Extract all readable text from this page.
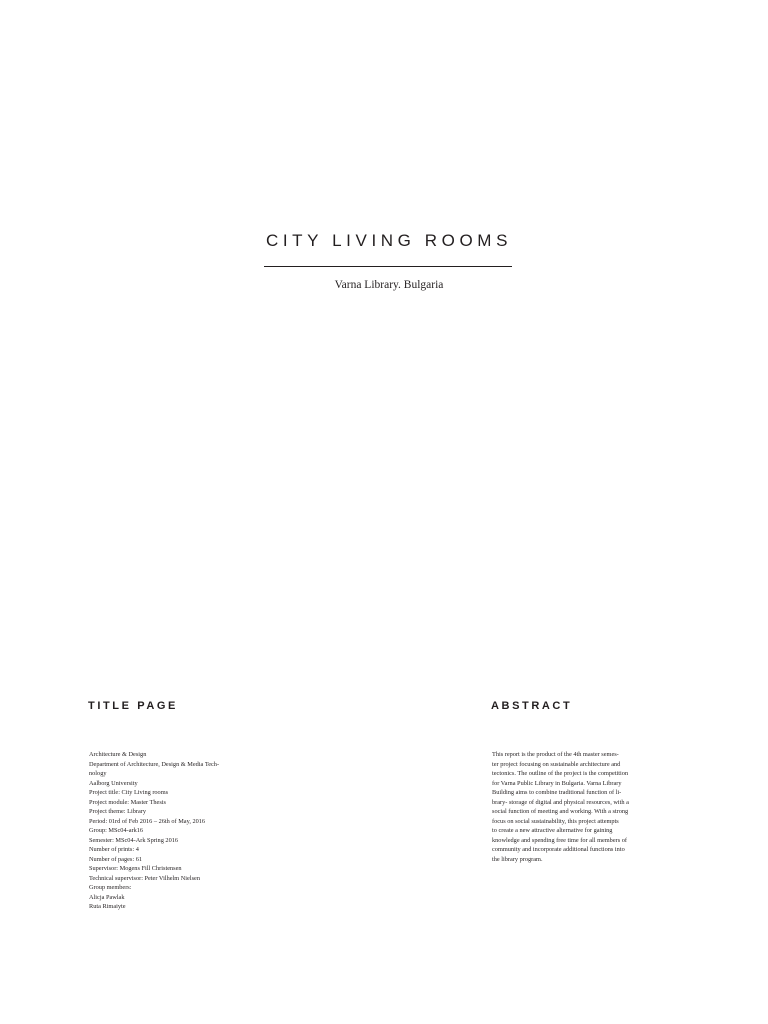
CITY LIVING ROOMS
Varna Library. Bulgaria
TITLE PAGE
Architecture & Design
Department of Architecture, Design & Media Tech-
nology
Aalborg University
Project title: City Living rooms
Project module: Master Thesis
Project theme: Library
Period: 01rd of Feb 2016 – 26th of May, 2016
Group: MSc04-ark16
Semester: MSc04-Ark Spring 2016
Number of prints: 4
Number of pages: 61
Supervisor: Mogens Fill Christensen
Technical supervisor: Peter Vilhelm Nielsen
Group members:
Alicja Pawlak
Ruta Rimaiyte
ABSTRACT

This report is the product of the 4th master semes-
ter project focusing on sustainable architecture and
tectonics. The outline of the project is the competition
for Varna Public Library in Bulgaria. Varna Library
Building aims to combine traditional function of li-
brary- storage of digital and physical resources, with a
social function of meeting and working. With a strong
focus on social sustainability, this project attempts
to create a new attractive alternative for gaining
knowledge and spending free time for all members of
community and incorporate additional functions into
the library program.
